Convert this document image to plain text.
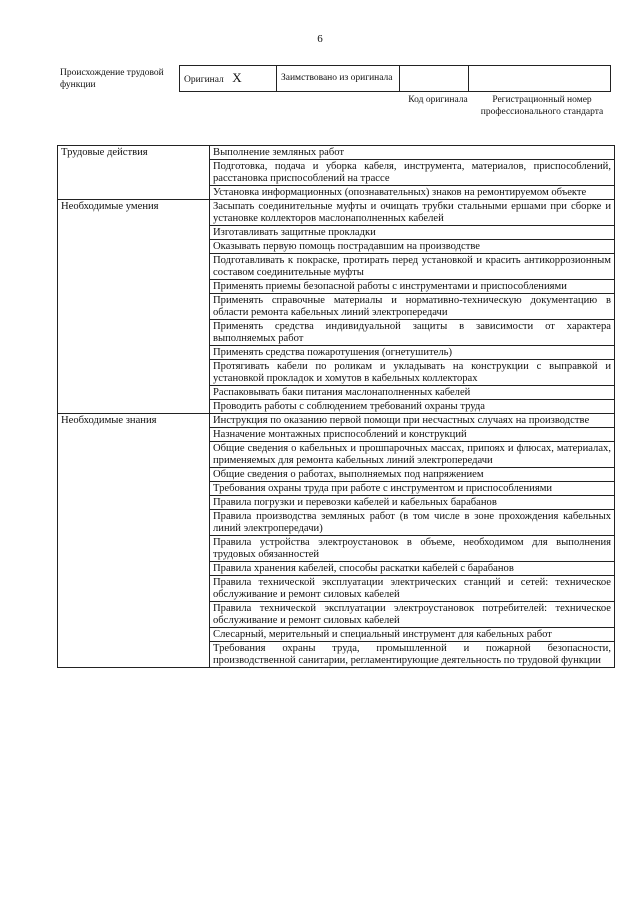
6
Происхождение трудовой функции
Оригинал X	Заимствовано из оригинала		
Код оригинала	Регистрационный номер профессионального стандарта
Трудовые действия	Выполнение земляных работ
	Подготовка, подача и уборка кабеля, инструмента, материалов, приспособлений, расстановка приспособлений на трассе
	Установка информационных (опознавательных) знаков на ремонтируемом объекте
Необходимые умения	Засыпать соединительные муфты и очищать трубки стальными ершами при сборке и установке коллекторов маслонаполненных кабелей
	Изготавливать защитные прокладки
	Оказывать первую помощь пострадавшим на производстве
	Подготавливать к покраске, протирать перед установкой и красить антикоррозионным составом соединительные муфты
	Применять приемы безопасной работы с инструментами и приспособлениями
	Применять справочные материалы и нормативно-техническую документацию в области ремонта кабельных линий электропередачи
	Применять средства индивидуальной защиты в зависимости от характера выполняемых работ
	Применять средства пожаротушения (огнетушитель)
	Протягивать кабели по роликам и укладывать на конструкции с выправкой и установкой прокладок и хомутов в кабельных коллекторах
	Распаковывать баки питания маслонаполненных кабелей
	Проводить работы с соблюдением требований охраны труда
Необходимые знания	Инструкция по оказанию первой помощи при несчастных случаях на производстве
	Назначение монтажных приспособлений и конструкций
	Общие сведения о кабельных и прошпарочных массах, припоях и флюсах, материалах, применяемых для ремонта кабельных линий электропередачи
	Общие сведения о работах, выполняемых под напряжением
	Требования охраны труда при работе с инструментом и приспособлениями
	Правила погрузки и перевозки кабелей и кабельных барабанов
	Правила производства земляных работ (в том числе в зоне прохождения кабельных линий электропередачи)
	Правила устройства электроустановок в объеме, необходимом для выполнения трудовых обязанностей
	Правила хранения кабелей, способы раскатки кабелей с барабанов
	Правила технической эксплуатации электрических станций и сетей: техническое обслуживание и ремонт силовых кабелей
	Правила технической эксплуатации электроустановок потребителей: техническое обслуживание и ремонт силовых кабелей
	Слесарный, мерительный и специальный инструмент для кабельных работ
	Требования охраны труда, промышленной и пожарной безопасности, производственной санитарии, регламентирующие деятельность по трудовой функции
